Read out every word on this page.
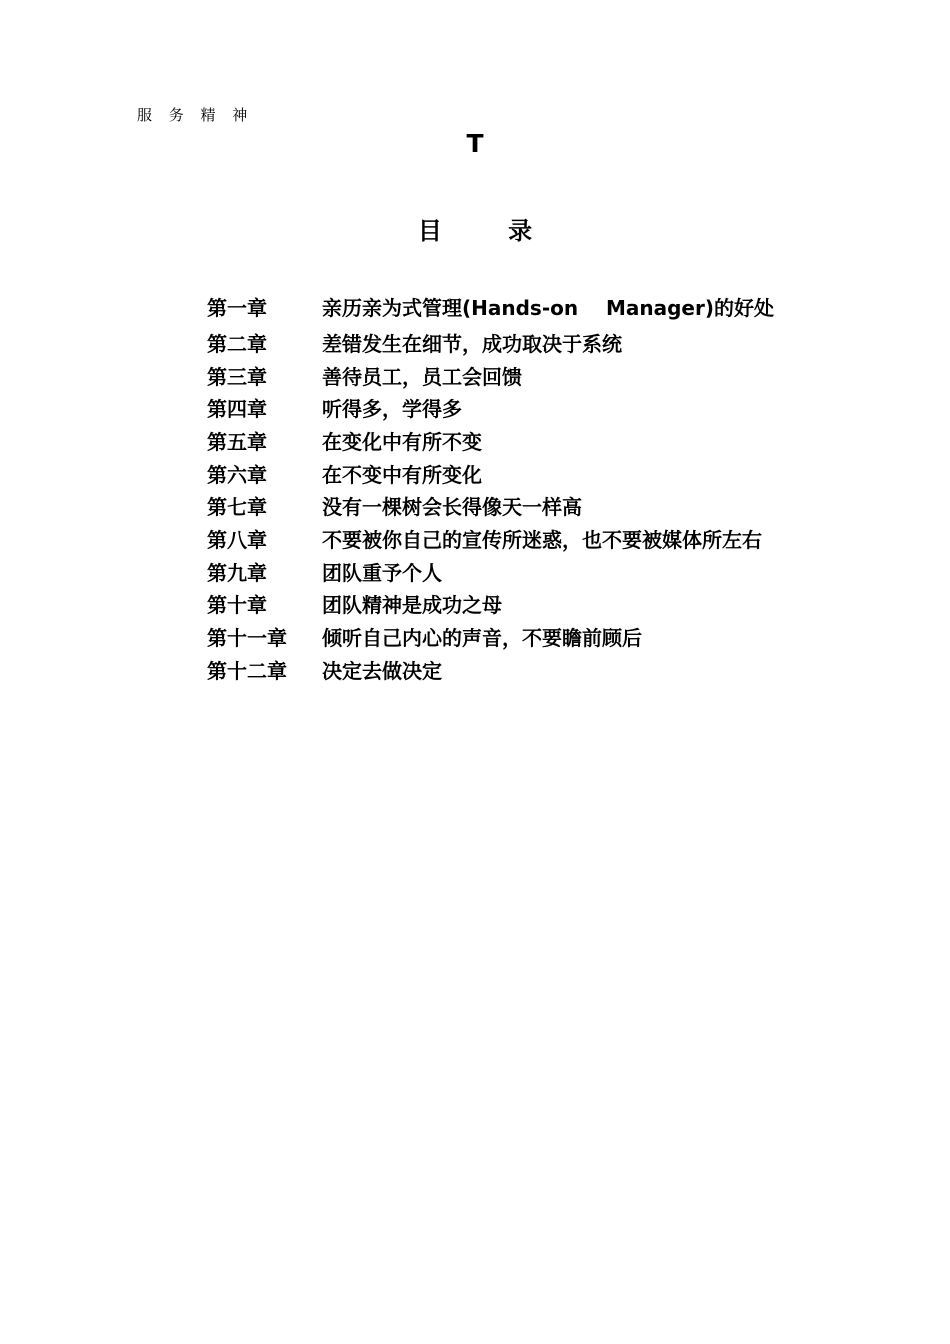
服 务 精 神
T
目 录
第一章	亲历亲为式管理(Hands-on    Manager)的好处
第二章	差错发生在细节，成功取决于系统
第三章	善待员工，员工会回馈
第四章	听得多，学得多
第五章	在变化中有所不变
第六章	在不变中有所变化
第七章	没有一棵树会长得像天一样高
第八章	不要被你自己的宣传所迷惑，也不要被媒体所左右
第九章	团队重予个人
第十章	团队精神是成功之母
第十一章	倾听自己内心的声音，不要瞻前顾后
第十二章	决定去做决定
